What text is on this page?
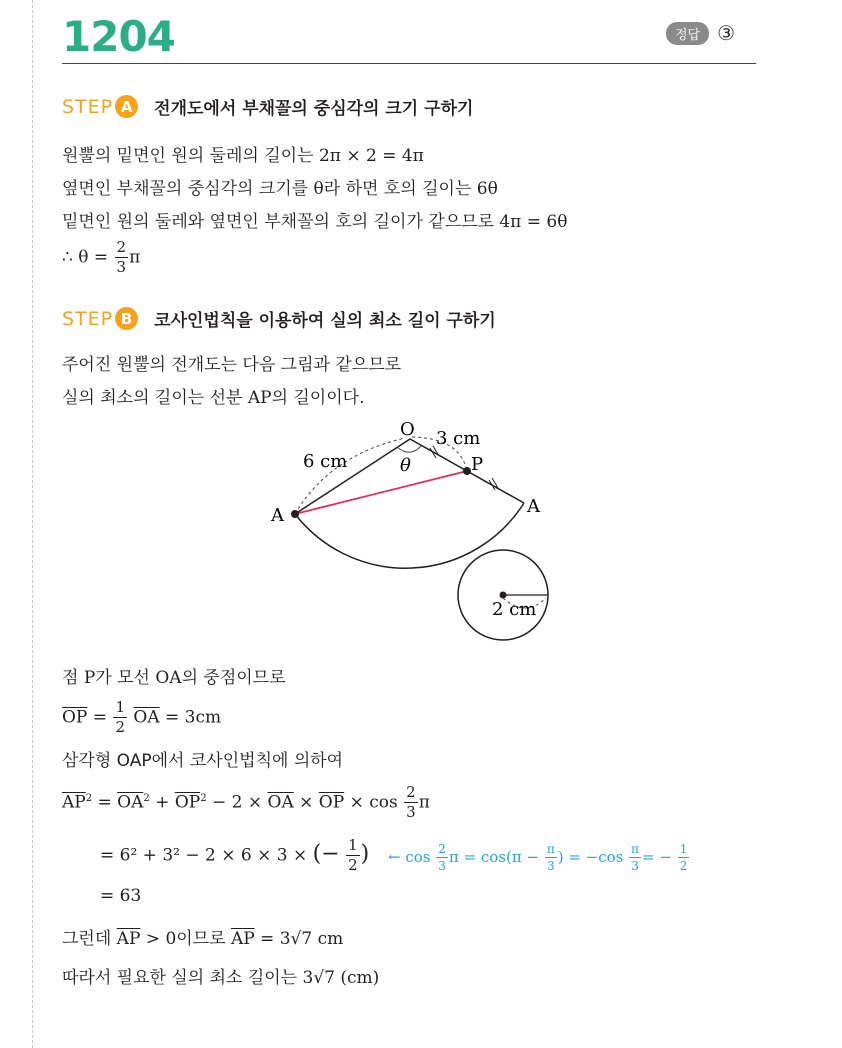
1204	정답 ③
STEP A	전개도에서 부채꼴의 중심각의 크기 구하기
원뿔의 밑면인 원의 둘레의 길이는 2π × 2 = 4π
옆면인 부채꼴의 중심각의 크기를 θ라 하면 호의 길이는 6θ
밑면인 원의 둘레와 옆면인 부채꼴의 호의 길이가 같으므로 4π = 6θ
∴ $\theta = \frac{2}{3}$ π
STEP B	코사인법칙을 이용하여 실의 최소 길이 구하기
주어진 원뿔의 전개도는 다음 그림과 같으므로
실의 최소의 길이는 선분 AP의 길이이다.
O
P
A	A
θ
6 cm
3 cm
2 cm
점 P가 모선 OA의 중점이므로
$\overline{OP} = \frac{1}{2} \overline{OA} = 3cm$
삼각형 OAP에서 코사인법칙에 의하여
$\overline{AP}^2 = \overline{OA}^2 + \overline{OP}^2 - 2 \times \overline{OA} \times \overline{OP} \times \cos \frac{2}{3}$ π
= 6² + 3² − 2 × 6 × 3 × (− $\frac{1}{2}$ ) ← $\cos \frac{2}{3}$ $\pi = \cos(\pi - \frac{\pi}{3}$ ) = $-\cos \frac{\pi}{3}$ = − $\frac{1}{2}$
= 63
그런데 $\overline{AP} > 0$이므로 $\overline{AP} = 3√7$ cm
따라서 필요한 실의 최소 길이는 3√7 (cm)
